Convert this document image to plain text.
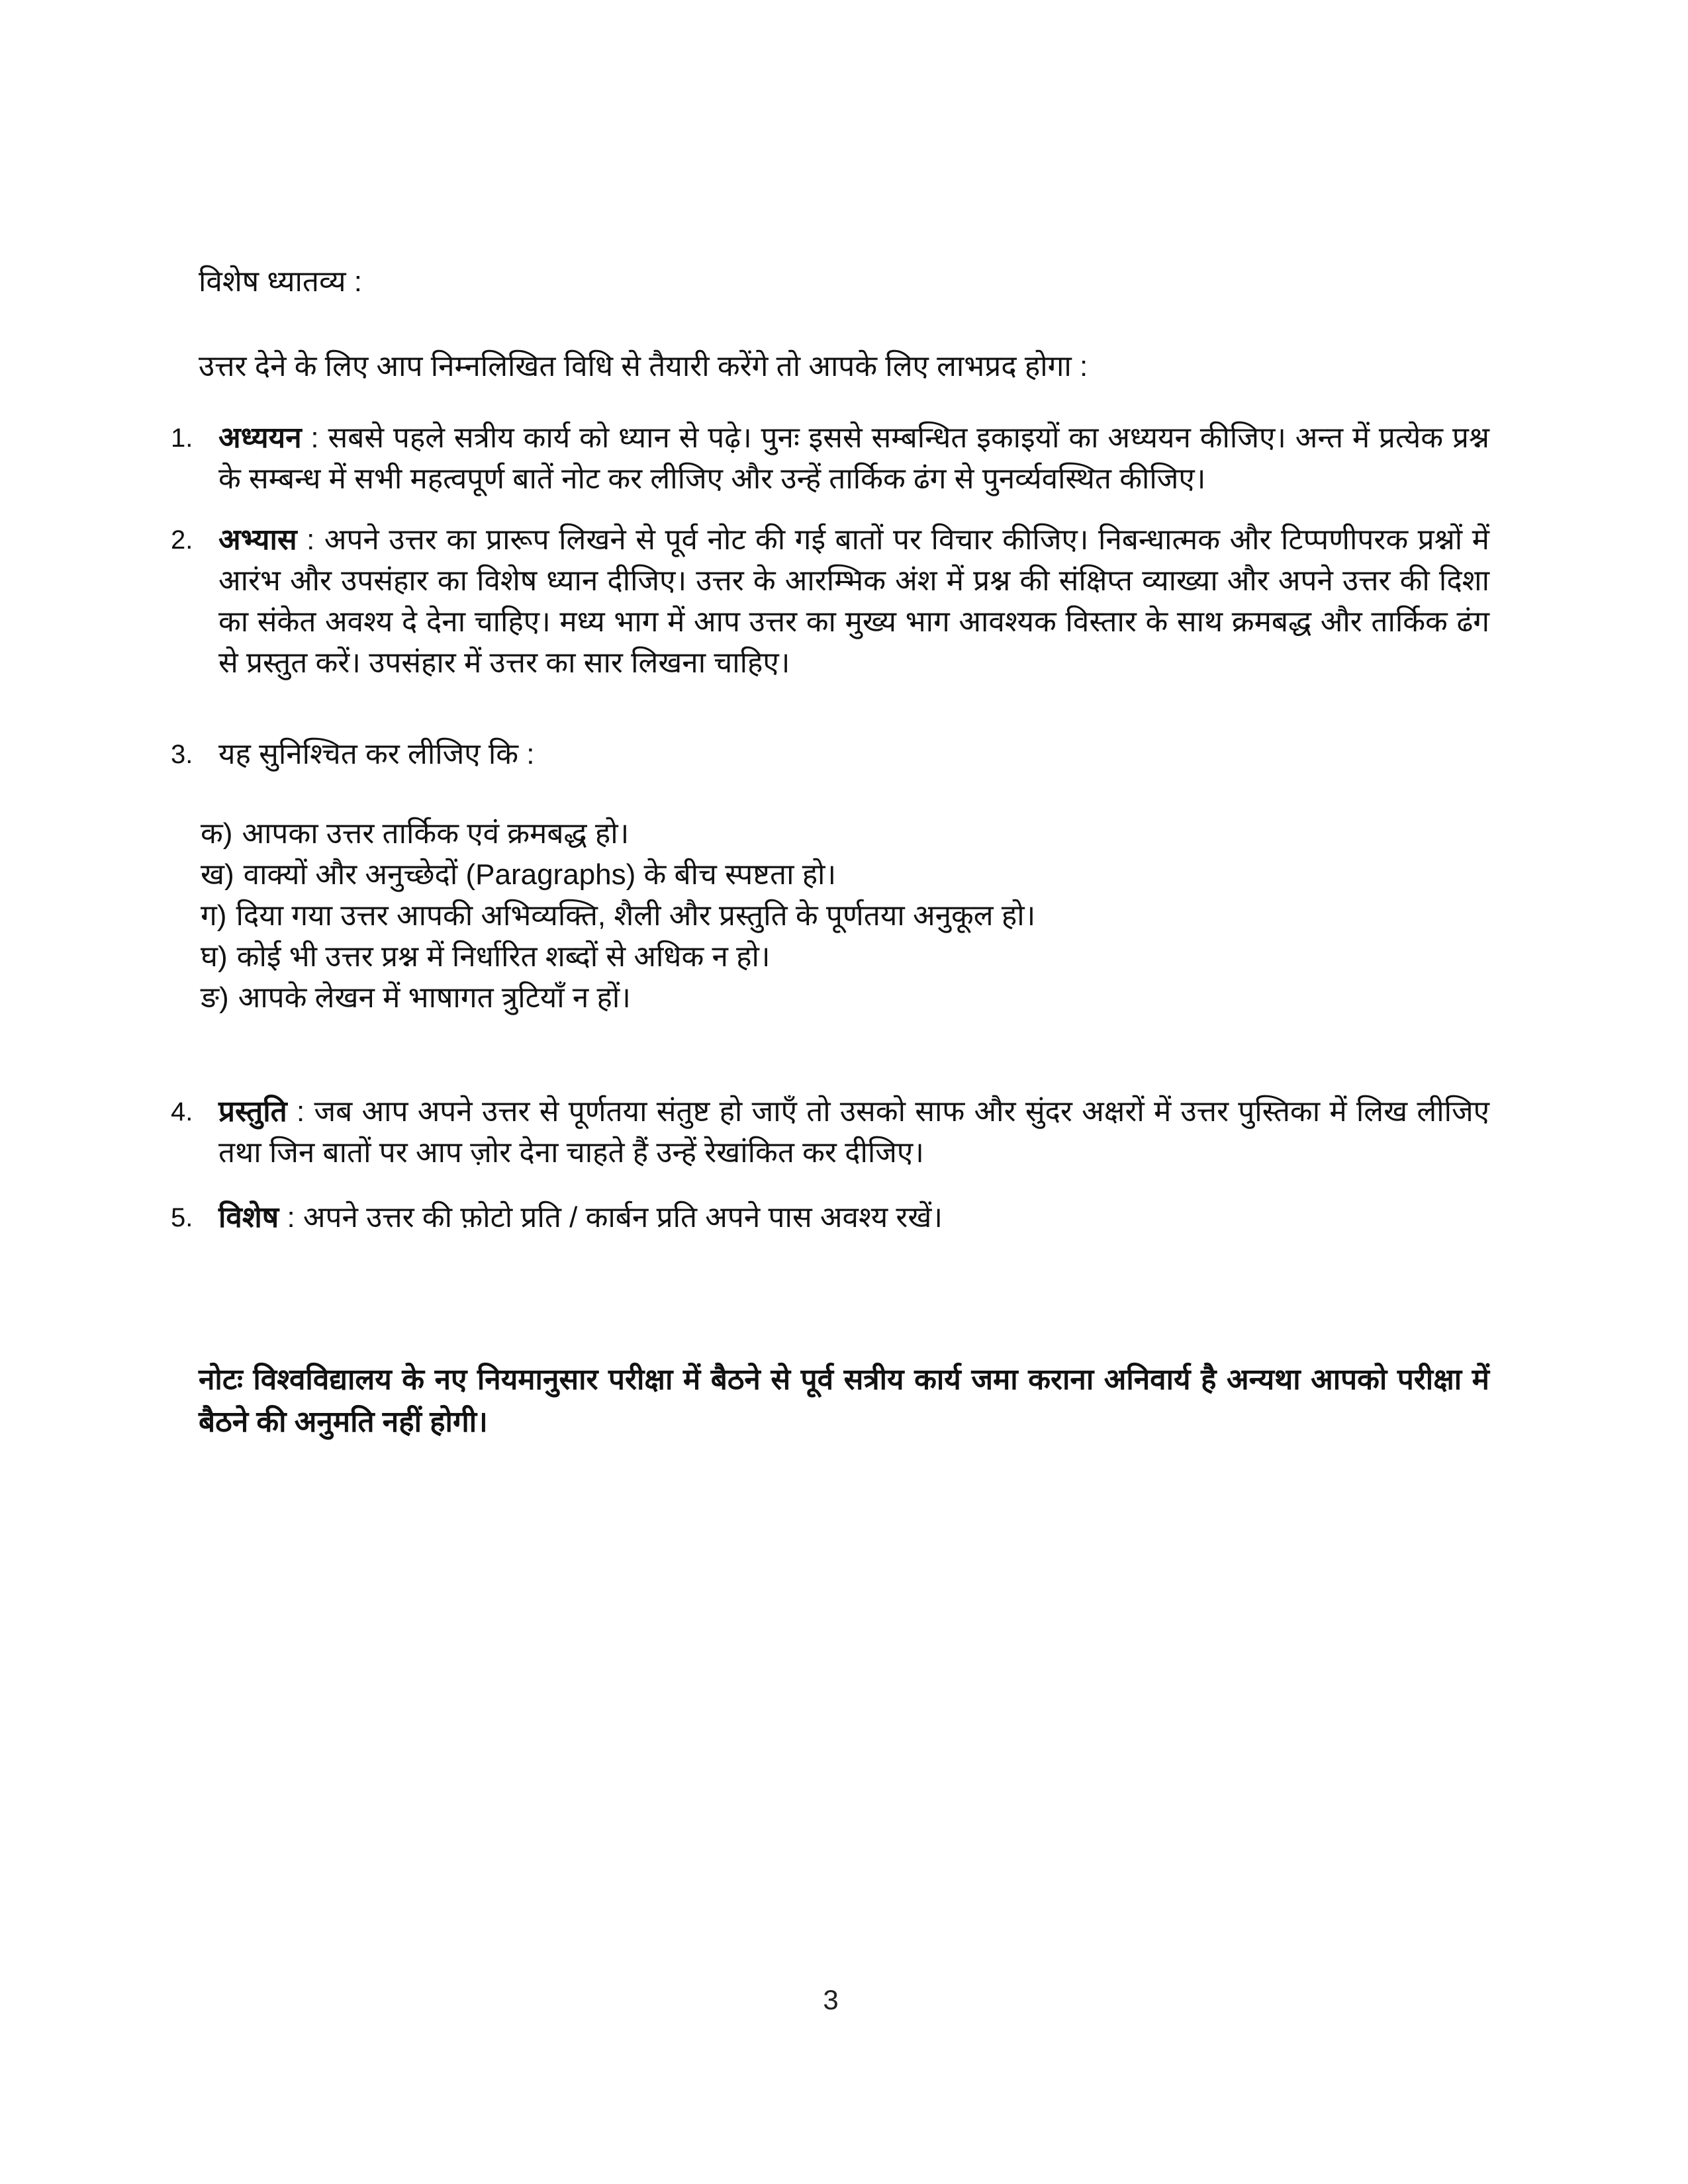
विशेष ध्यातव्य :

उत्तर देने के लिए आप निम्नलिखित विधि से तैयारी करेंगे तो आपके लिए लाभप्रद होगा :

1. अध्ययन : सबसे पहले सत्रीय कार्य को ध्यान से पढ़े। पुनः इससे सम्बन्धित इकाइयों का अध्ययन कीजिए। अन्त में प्रत्येक प्रश्न के सम्बन्ध में सभी महत्वपूर्ण बातें नोट कर लीजिए और उन्हें तार्किक ढंग से पुनर्व्यवस्थित कीजिए।

2. अभ्यास : अपने उत्तर का प्रारूप लिखने से पूर्व नोट की गई बातों पर विचार कीजिए। निबन्धात्मक और टिप्पणीपरक प्रश्नों में आरंभ और उपसंहार का विशेष ध्यान दीजिए। उत्तर के आरम्भिक अंश में प्रश्न की संक्षिप्त व्याख्या और अपने उत्तर की दिशा का संकेत अवश्य दे देना चाहिए। मध्य भाग में आप उत्तर का मुख्य भाग आवश्यक विस्तार के साथ क्रमबद्ध और तार्किक ढंग से प्रस्तुत करें। उपसंहार में उत्तर का सार लिखना चाहिए।

3. यह सुनिश्चित कर लीजिए कि :

क) आपका उत्तर तार्किक एवं क्रमबद्ध हो।
ख) वाक्यों और अनुच्छेदों (Paragraphs) के बीच स्पष्टता हो।
ग) दिया गया उत्तर आपकी अभिव्यक्ति, शैली और प्रस्तुति के पूर्णतया अनुकूल हो।
घ) कोई भी उत्तर प्रश्न में निर्धारित शब्दों से अधिक न हो।
ङ) आपके लेखन में भाषागत त्रुटियाँ न हों।
4. प्रस्तुति : जब आप अपने उत्तर से पूर्णतया संतुष्ट हो जाएँ तो उसको साफ और सुंदर अक्षरों में उत्तर पुस्तिका में लिख लीजिए तथा जिन बातों पर आप ज़ोर देना चाहते हैं उन्हें रेखांकित कर दीजिए।

5. विशेष : अपने उत्तर की फ़ोटो प्रति / कार्बन प्रति अपने पास अवश्य रखें।

नोटः विश्वविद्यालय के नए नियमानुसार परीक्षा में बैठने से पूर्व सत्रीय कार्य जमा कराना अनिवार्य है अन्यथा आपको परीक्षा में बैठने की अनुमति नहीं होगी।

3
